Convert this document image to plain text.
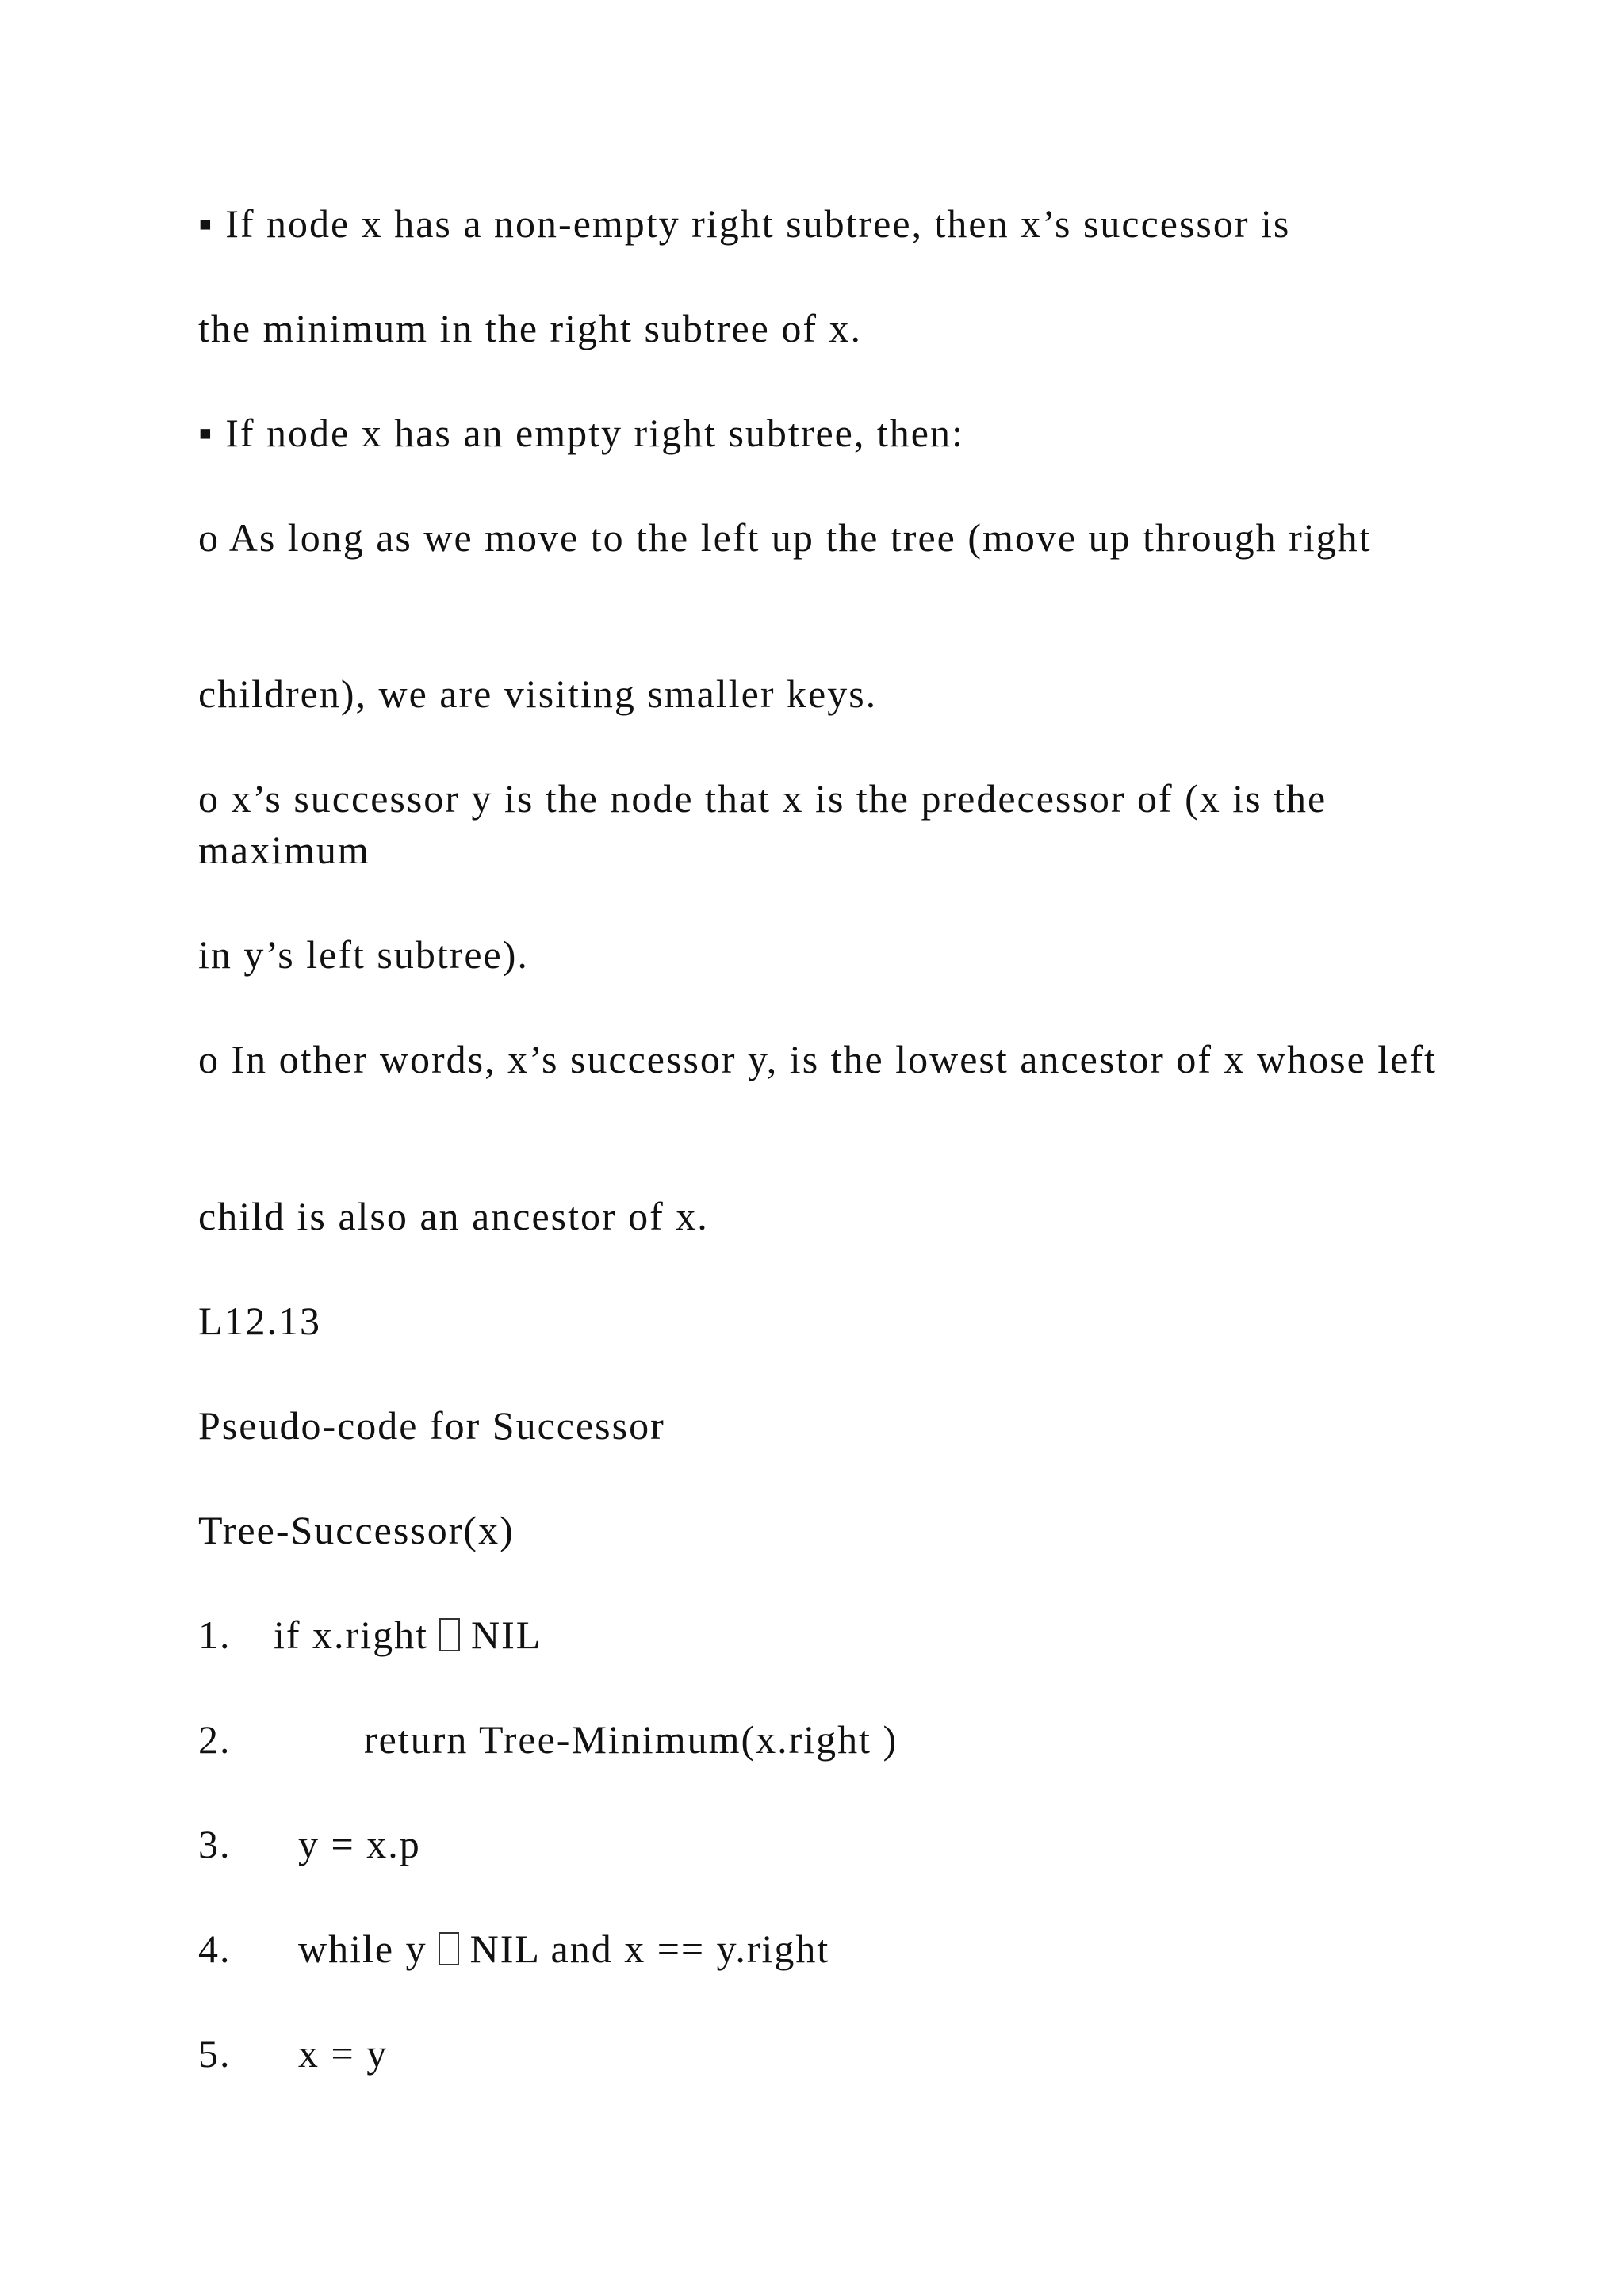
▪ If node x has a non-empty right subtree, then x’s successor is
the minimum in the right subtree of x.
▪ If node x has an empty right subtree, then:
o As long as we move to the left up the tree (move up through right
children), we are visiting smaller keys.
o x’s successor y is the node that x is the predecessor of (x is the maximum
in y’s left subtree).
o In other words, x’s successor y, is the lowest ancestor of x whose left
child is also an ancestor of x.
L12.13
Pseudo-code for Successor
Tree-Successor(x)
1. if x.right NIL
2.	return Tree-Minimum(x.right )
3. y = x.p
4. while y NIL and x == y.right
5. x = y
